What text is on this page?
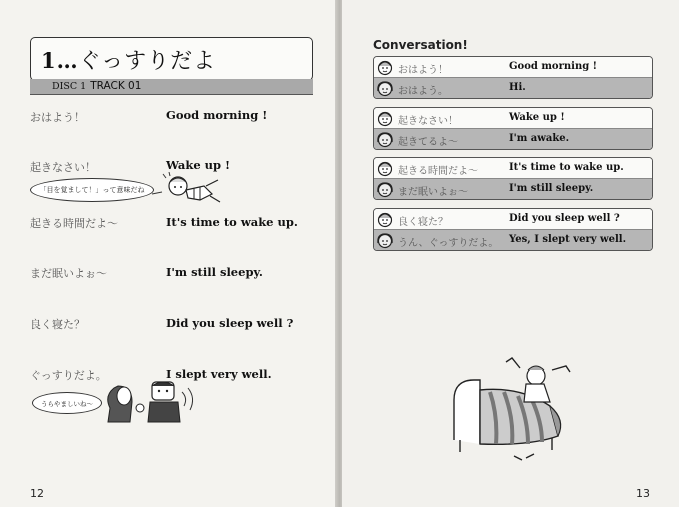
1…ぐっすりだよ
DISC 1 TRACK 01
おはよう！	Good morning !
起きなさい！	Wake up !
「目を覚まして！」って意味だね
起きる時間だよ～	It's time to wake up.
まだ眠いよぉ～	I'm still sleepy.
良く寝た？	Did you sleep well ?
ぐっすりだよ。	I slept very well.
うらやましいね～
12
Conversation!
おはよう！	Good morning !
おはよう。	Hi.
起きなさい！	Wake up !
起きてるよ～	I'm awake.
起きる時間だよ～	It's time to wake up.
まだ眠いよぉ～	I'm still sleepy.
良く寝た？	Did you sleep well ?
うん、ぐっすりだよ。 Yes, I slept very well.
13
